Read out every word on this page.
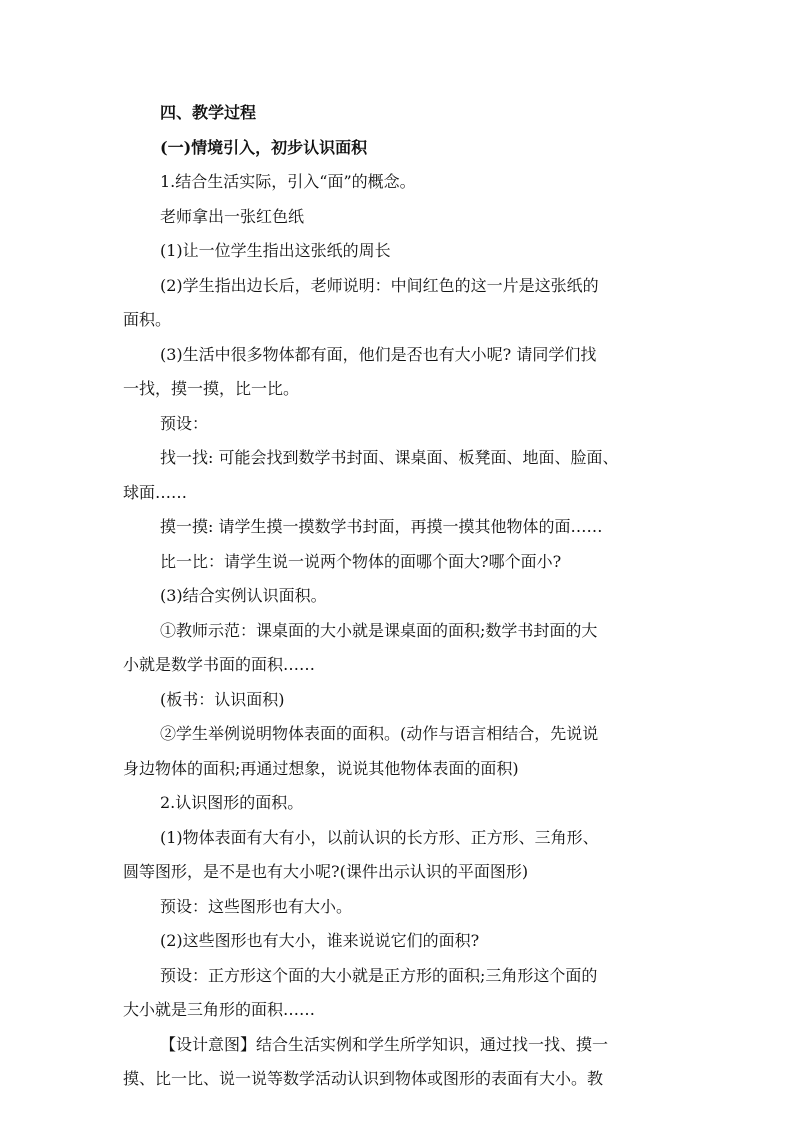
四、教学过程
(一)情境引入，初步认识面积
1.结合生活实际，引入“面”的概念。
老师拿出一张红色纸
(1)让一位学生指出这张纸的周长
(2)学生指出边长后，老师说明：中间红色的这一片是这张纸的
面积。
(3)生活中很多物体都有面，他们是否也有大小呢? 请同学们找
一找，摸一摸，比一比。
预设：
找一找: 可能会找到数学书封面、课桌面、板凳面、地面、脸面、
球面……
摸一摸: 请学生摸一摸数学书封面，再摸一摸其他物体的面……
比一比：请学生说一说两个物体的面哪个面大?哪个面小?
(3)结合实例认识面积。
①教师示范：课桌面的大小就是课桌面的面积;数学书封面的大
小就是数学书面的面积……
(板书：认识面积)
②学生举例说明物体表面的面积。(动作与语言相结合，先说说
身边物体的面积;再通过想象，说说其他物体表面的面积)
2.认识图形的面积。
(1)物体表面有大有小，以前认识的长方形、正方形、三角形、
圆等图形，是不是也有大小呢?(课件出示认识的平面图形)
预设：这些图形也有大小。
(2)这些图形也有大小，谁来说说它们的面积?
预设：正方形这个面的大小就是正方形的面积;三角形这个面的
大小就是三角形的面积……
【设计意图】结合生活实例和学生所学知识，通过找一找、摸一
摸、比一比、说一说等数学活动认识到物体或图形的表面有大小。教
